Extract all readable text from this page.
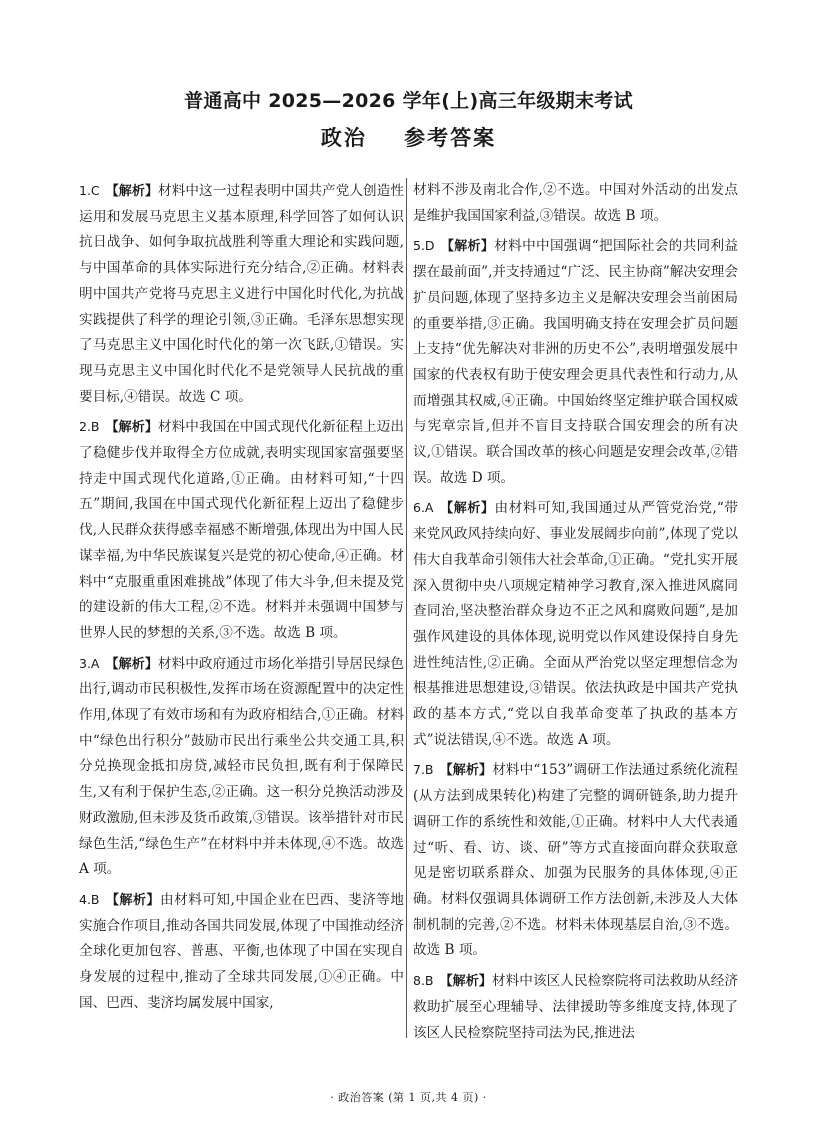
普通高中 2025—2026 学年(上)高三年级期末考试
政治 参考答案

1.C 【解析】材料中这一过程表明中国共产党人创造性运用和发展马克思主义基本原理,科学回答了如何认识抗日战争、如何争取抗战胜利等重大理论和实践问题,与中国革命的具体实际进行充分结合,②正确。材料表明中国共产党将马克思主义进行中国化时代化,为抗战实践提供了科学的理论引领,③正确。毛泽东思想实现了马克思主义中国化时代化的第一次飞跃,①错误。实现马克思主义中国化时代化不是党领导人民抗战的重要目标,④错误。故选 C 项。

2.B 【解析】材料中我国在中国式现代化新征程上迈出了稳健步伐并取得全方位成就,表明实现国家富强要坚持走中国式现代化道路,①正确。由材料可知,“十四五”期间,我国在中国式现代化新征程上迈出了稳健步伐,人民群众获得感幸福感不断增强,体现出为中国人民谋幸福,为中华民族谋复兴是党的初心使命,④正确。材料中“克服重重困难挑战”体现了伟大斗争,但未提及党的建设新的伟大工程,②不选。材料并未强调中国梦与世界人民的梦想的关系,③不选。故选 B 项。

3.A 【解析】材料中政府通过市场化举措引导居民绿色出行,调动市民积极性,发挥市场在资源配置中的决定性作用,体现了有效市场和有为政府相结合,①正确。材料中“绿色出行积分”鼓励市民出行乘坐公共交通工具,积分兑换现金抵扣房贷,减轻市民负担,既有利于保障民生,又有利于保护生态,②正确。这一积分兑换活动涉及财政激励,但未涉及货币政策,③错误。该举措针对市民绿色生活,“绿色生产”在材料中并未体现,④不选。故选 A 项。

4.B 【解析】由材料可知,中国企业在巴西、斐济等地实施合作项目,推动各国共同发展,体现了中国推动经济全球化更加包容、普惠、平衡,也体现了中国在实现自身发展的过程中,推动了全球共同发展,①④正确。中国、巴西、斐济均属发展中国家,

材料不涉及南北合作,②不选。中国对外活动的出发点是维护我国国家利益,③错误。故选 B 项。

5.D 【解析】材料中中国强调“把国际社会的共同利益摆在最前面”,并支持通过“广泛、民主协商”解决安理会扩员问题,体现了坚持多边主义是解决安理会当前困局的重要举措,③正确。我国明确支持在安理会扩员问题上支持“优先解决对非洲的历史不公”,表明增强发展中国家的代表权有助于使安理会更具代表性和行动力,从而增强其权威,④正确。中国始终坚定维护联合国权威与宪章宗旨,但并不盲目支持联合国安理会的所有决议,①错误。联合国改革的核心问题是安理会改革,②错误。故选 D 项。

6.A 【解析】由材料可知,我国通过从严管党治党,“带来党风政风持续向好、事业发展阔步向前”,体现了党以伟大自我革命引领伟大社会革命,①正确。“党扎实开展深入贯彻中央八项规定精神学习教育,深入推进风腐同查同治,坚决整治群众身边不正之风和腐败问题”,是加强作风建设的具体体现,说明党以作风建设保持自身先进性纯洁性,②正确。全面从严治党以坚定理想信念为根基推进思想建设,③错误。依法执政是中国共产党执政的基本方式,“党以自我革命变革了执政的基本方式”说法错误,④不选。故选 A 项。

7.B 【解析】材料中“153”调研工作法通过系统化流程(从方法到成果转化)构建了完整的调研链条,助力提升调研工作的系统性和效能,①正确。材料中人大代表通过“听、看、访、谈、研”等方式直接面向群众获取意见是密切联系群众、加强为民服务的具体体现,④正确。材料仅强调具体调研工作方法创新,未涉及人大体制机制的完善,②不选。材料未体现基层自治,③不选。故选 B 项。

8.B 【解析】材料中该区人民检察院将司法救助从经济救助扩展至心理辅导、法律援助等多维度支持,体现了该区人民检察院坚持司法为民,推进法

· 政治答案 (第 1 页,共 4 页) ·
